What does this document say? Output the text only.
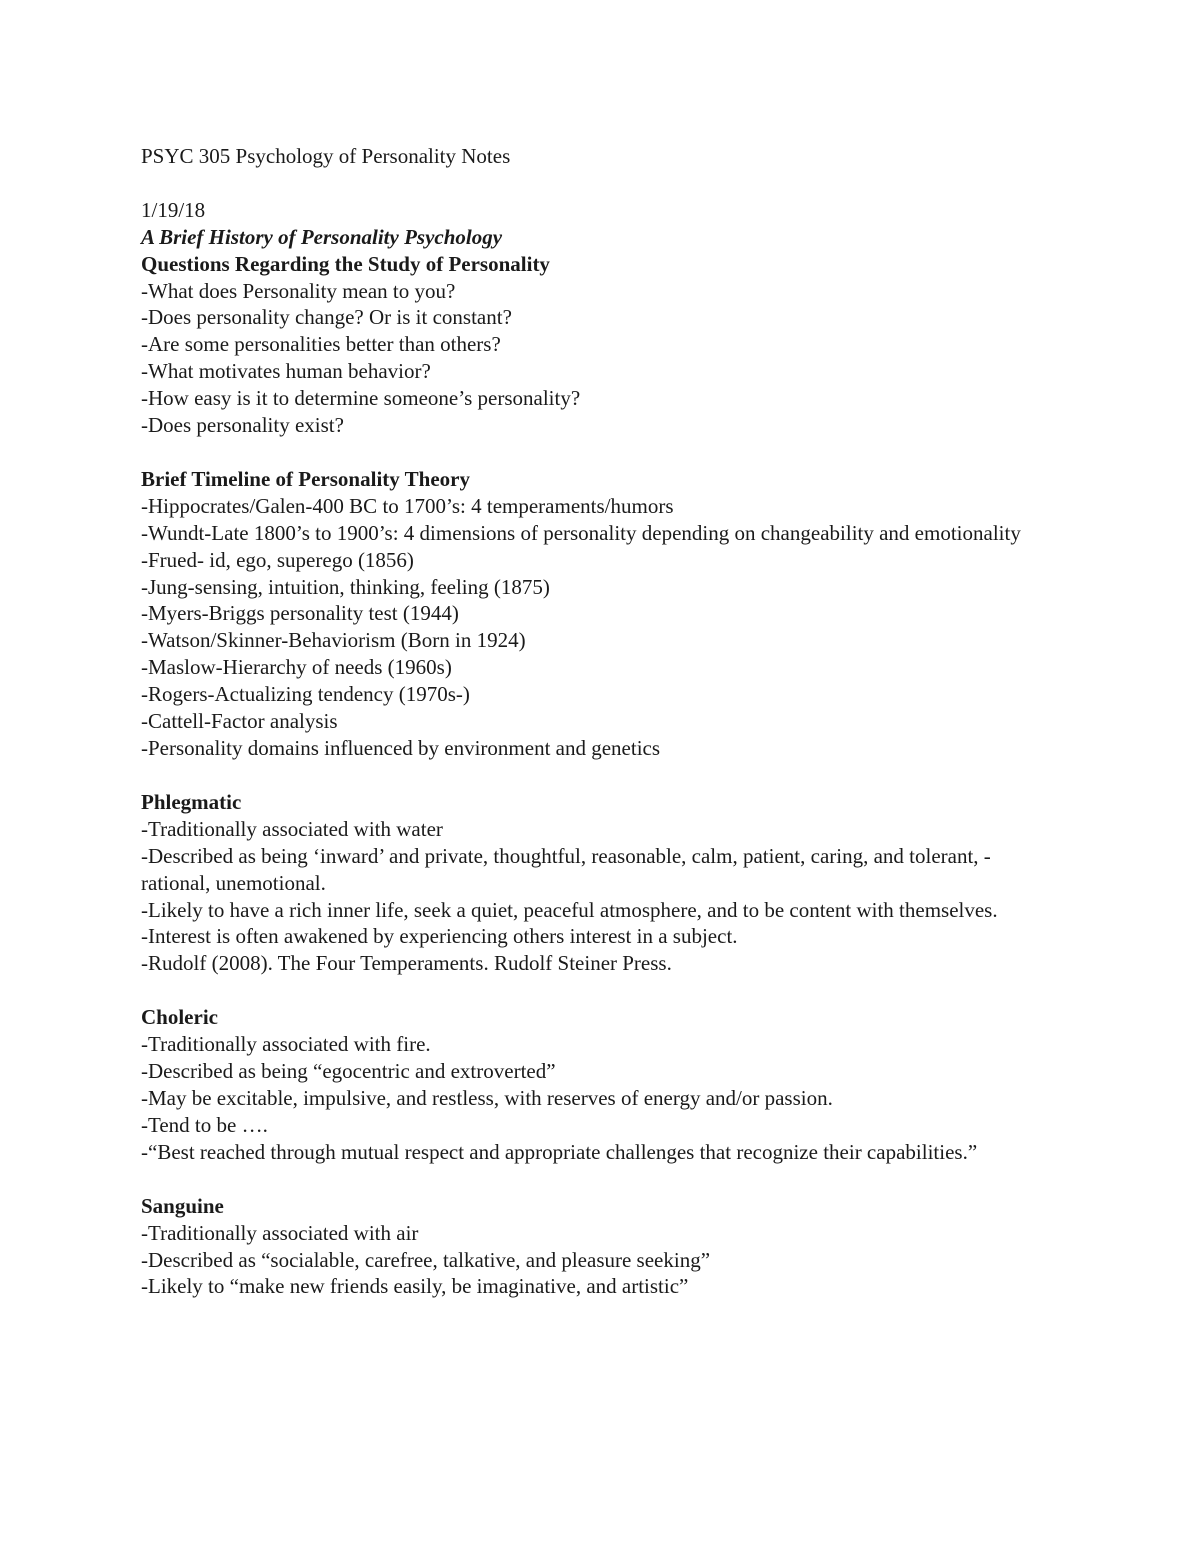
PSYC 305 Psychology of Personality Notes

1/19/18

A Brief History of Personality Psychology

Questions Regarding the Study of Personality

-What does Personality mean to you?

-Does personality change? Or is it constant?

-Are some personalities better than others?

-What motivates human behavior?

-How easy is it to determine someone’s personality?

-Does personality exist?

Brief Timeline of Personality Theory

-Hippocrates/Galen-400 BC to 1700’s: 4 temperaments/humors

-Wundt-Late 1800’s to 1900’s: 4 dimensions of personality depending on changeability and emotionality

-Frued- id, ego, superego (1856)

-Jung-sensing, intuition, thinking, feeling (1875)

-Myers-Briggs personality test (1944)

-Watson/Skinner-Behaviorism (Born in 1924)

-Maslow-Hierarchy of needs (1960s)

-Rogers-Actualizing tendency (1970s-)

-Cattell-Factor analysis

-Personality domains influenced by environment and genetics

Phlegmatic

-Traditionally associated with water

-Described as being ‘inward’ and private, thoughtful, reasonable, calm, patient, caring, and tolerant, -rational, unemotional.

-Likely to have a rich inner life, seek a quiet, peaceful atmosphere, and to be content with themselves.

-Interest is often awakened by experiencing others interest in a subject.

-Rudolf (2008). The Four Temperaments. Rudolf Steiner Press.

Choleric

-Traditionally associated with fire.

-Described as being “egocentric and extroverted”

-May be excitable, impulsive, and restless, with reserves of energy and/or passion.

-Tend to be ….

-“Best reached through mutual respect and appropriate challenges that recognize their capabilities.”

Sanguine

-Traditionally associated with air

-Described as “socialable, carefree, talkative, and pleasure seeking”

-Likely to “make new friends easily, be imaginative, and artistic”
